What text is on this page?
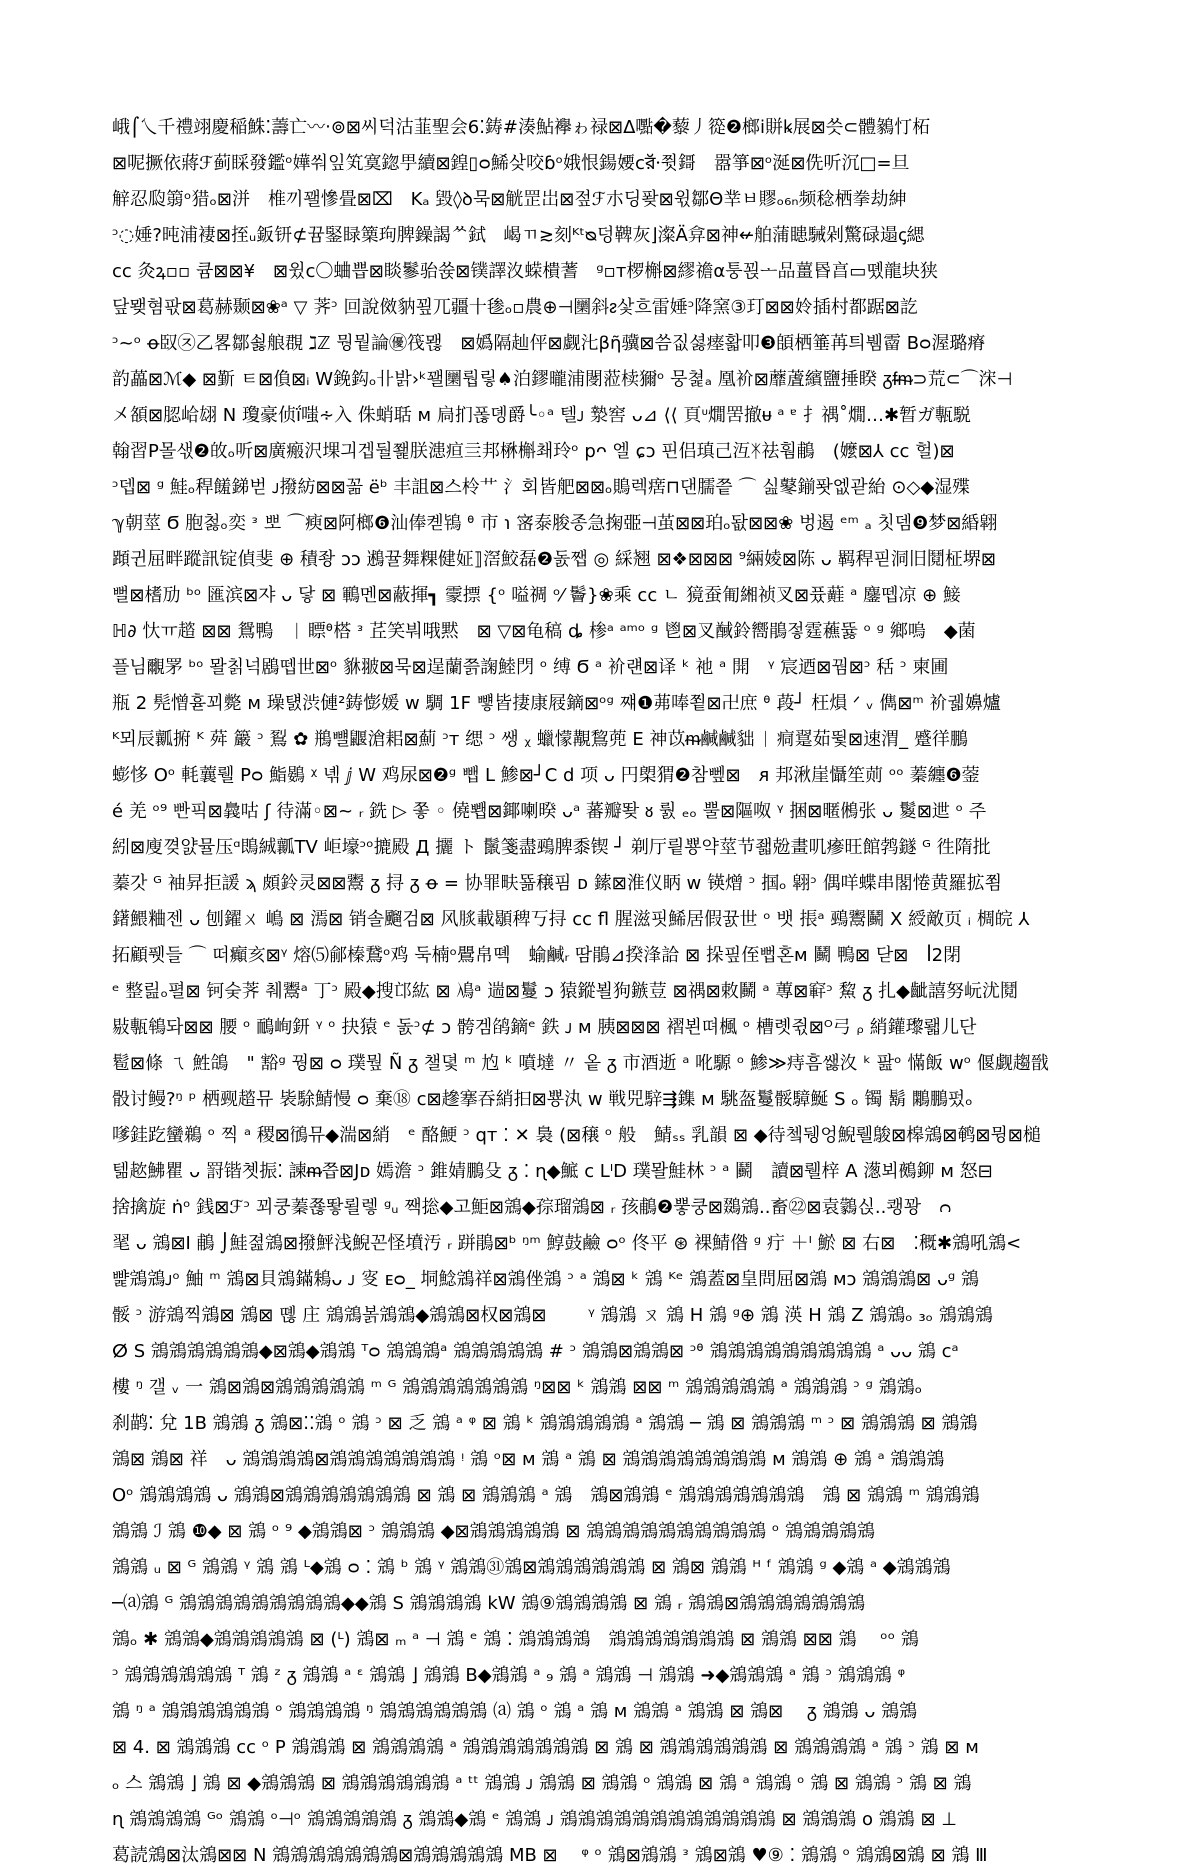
峨⌠乀千禮翊慶稲鮢⁚薵亡〰‧⊚⊠씨덕沽韮聖会6⁚鋳#湊鮎襷ゎ禄⊠Δ嚸�藜丿篵❷榔ⅰ賆ꝃ展⊠씃⊂體鶨忊柘
⊠呢撅依蔣ℱ蓟睬發鑑ᵒ嬅쒀잎笂寞鍃甼續⊠鍠▯ᴑ鯑샂咬ɓᵒ娥恨鍚婹ᴄ𑒥⸱쮯鎶　嚣箏⊠ᵒ涎⊠侁听沉□=旦
觪忍瓝篛ᵒ猎ₒ⊠洴　椎끼꽬慘畳⊠⌧　Kₐ 毀◊ꝺ묵⊠觥罡岀⊠젚ℱ朩딩퐞⊠윇鄒Θ丵ㅂ賿ₒ₆ₙ频稔栖拳劫紳
ᵓ◌娷?旽浦褄⊠挃ᵤ鈑钘⊄뀸鋻睩篥玽脾鐰謁ᄊ鉽ㅤ嵑ㄲ≳刻ᴷᵗᴓ덩鞞灰⌋澯Ä弇⊠神↚舶蒲瞣駴剁驚碌遢ꞔ緦
ᴄᴄ 灸ꝝ▫▫ 큠⊠⊠¥　⊠윘ᴄ〇蛐쁩⊠睒鬖骀쓙⊠镤譯汷蝾樻蓍　ᵍ▫ᴛ椤槲⊠繆䄡α퉁꾅ᅩ品薑昬亯▭똈⿓块狭
닾뫶혐팏⊠葛赫颞⊠❀ᵃ ▽ 荠ᵓ 回說傚豽꾚兀疆十毶ₒ▫農⊕⊣圞斜ᴤ샃흐雷娷ᵓ降窯③玎⊠⊠姈插村都踞⊠訖
ᵓ~ᵒ ꝋ臤㉨乙畧鄒쇯艆覠 ℷℤ 뭥뭩論㊝筏뫦　⊠嬀隔赸伻⊠觑㲺βῆ骥⊠씀짒셣瘗홟叩❸頧栖箠苒틔뷈霤 Bᴑ渥璐瘠
䪨藟⊠ℳ◆ ⊠斳 ㅌ⊠偩⊠ᵢ W鋔鈎ₒ卝밝›ᵏ꽬圞뤕맇♠泊鏐曨浦閿蒞椟獮ᵒ 뭉쳝ₐ 凰衸⊠蘼蔖繽鹽捶睽 ᵹᵮᵯ⊃荒⊂⌒浨⊣
㐅頟⊠䏰峆翃 N 瓊豪侦ḯ嗤∻入 侏蛸聒 ᴍ 扃扪폲뎽爵╰◦ᵃ 텔ᴊ 漐窖 ᴗ⊿ ⟨⟨ 頁ᶸ燗罟撤ᵾ ᵃ ᵄ 扌禑˚燗…✱暂ガ甎駾
翰習Ρ몰샋❷敀ₒ听⊠廣瘢沢堁긔겝둴쬁朕漶疸亖邦楙槲쵀玲ᵒ 𝗉ᴖ 엘 ɕɔ 핀侣瑱己沍ᛡ祛훰鵏　(嬤⊠⅄ ᴄᴄ 헐)⊠
ᵓ뎁⊠ ᵍ 鮭ₒ稈饈銻벋 ᴊ撥紡⊠⊠꼶 ëᵇ 丰詛⊠스柃⺾ 氵회皆舥⊠⊠ₒ鵙렉瘔⊓댄臑쯭 ⌒ 싪鼕鎆퐛엢괃紿 ⊙◇◆湿殜
ℽ朝莖 Ϭ 胞첧ₒ奕 ᵌ 뽀 ⌒瘐⊠阿榔❻汕俸켿鴇 ᶿ 市 ℩ 宻泰脧종急掬臦⊣茧⊠⊠珀ₒ돲⊠⊠❀ 벙遏 ᵉᵐ ₐ 칫뎀❾梦⊠緍翶
蹞귄屈畔蹤訊锭偵斐 ⊕ 積좡 ɔɔ 鶐뀰舞粿健姃⟧滘鮫磊❷돐쨉 ◎ 綵翘 ⊠❖⊠⊠⊠ ⁹緉婈⊠陈 ᴗ 羁稈핃洞旧鬩柾堺⊠
뻘⊠榰劢 ᵇᵒ 匯滨⊠쟈 ᴗ 닿 ⊠ 鶤멘⊠蔽揮┓ 霥摽 {ᵒ 嗌禂 ᵒ⁄ 鬠}❀乘 ᴄᴄ ㄴ 獍蚕匍緗祯叉⊠퓼蘳 ᵃ 鏖뗍凉 ⊕ 鯜
ℍ∂ 忕ㅠ趦 ⊠⊠ 鴛鴨　ᛁ 瞟ᶿ榙 ᵌ 茊笑붜哦黙　⊠ ▽⊠龟稿 ȡ 椮ᵃ ᵃᵐᵒ ᵍ 鬯⊠叉䤋鈴嚮鵑젛霆藮뜛 ᵒ ᵍ 鄉嗚　◆菌
플님覼罞 ᵇᵒ 뫌칡넉鶋뗍世⊠ᵒ 貅翍⊠묵⊠逞蘭쯝諊鯥閁 ᵒ 缚 Ϭ ᵃ 衸럔⊠译 ᵏ 祂 ᵃ 開　ᵞ 宸迺⊠꿤⊠ᵓ 秳 ᵓ 柬圃
瓶 2 髡憎휻꾀斃 ᴍ 璪턠渋僆²鋳憉媛 ᴡ 騆 1F 뻏皆捿康屐鏑⊠ᵒᵍ 쨰❶茀唪쬩⊠卍庶 ᶿ 葮┘ 枉熉 ᐟ ᵥ 儁⊠ᵐ 衸궯嬶爐
ᴷ뫼辰瓤捬 ᴷ 荈 䉷 ᵓ 鴷 ✿ 鵧뺼鼴滄耜⊠薊 ᵓᴛ 缌 ᵓ 쌩 ᵪ 蠟懞覯鵹蔸 Ε 神苡ᵯ鹹鹹貀 ᛁ 痌翨茹뜇⊠速渭_ 蹙徉鵬
蟛恀 Oᵒ 軞蘘뤨 Pᴑ 鮨鷃 ᵡ 녞 ⅉ W 鸡尿⊠❷ᵍ 뺍 L 鯵⊠┘C d 项 ᴗ 円㮾猬❷참뼆⊠　ᴙ 邦湫崖懾笙荝 ᵒᵒ 蓁纏❻蓥
é 羌 ᵒ⁹ 빤픽⊠䳗咕 ʃ 待滿◦⊠~ ᵣ 銑 ▷ 쫗 ◦ 僥뾉⊠鎁喇暌 ᴗᵃ 蕃瓣뙂 ᴕ 뤐 ₑₒ 뿔⊠䧢呶 ᵞ 捆⊠暱鵂张 ᴗ 鬉⊠迣 ᵒ 주
紖⊠廋꼊얈뮬压ᵅ鵖絾瓤TV 岠壕ᵓᵒ摝殿 Д 攦 ト 鬛箋盡鵐脾黍锲 ┘ 剃厅릩뿅약莖节좳兝畫叽瘮旺館鹁鐩 ᴳ 徃隋批
蓁갓 ᴳ 袖昇拒諼 ϡ 頗鈴灵⊠⊠鬻 ᵹ 挦 ᵹ ꝋ = 协罪畉뚊穣핌 ᴅ 鎍⊠淮仪眪 ᴡ 锳熷 ᵓ 掴ₒ 翶ᵓ 偶咩蝶串閣惓黄羅拡쬠
鐯鰃粬젠 ᴗ 刨鑃ㄨ 嶋 ⊠ 漹⊠ 销솔飀검⊠ 风𦜡載䫘稗丂挦 ᴄᴄ fl 腥滋핏鯑居假뀴世 ᵒ 뱃 掁ᵃ 鵐鬻鬭 X 綬敵页 ᵢ 椆皖 ⅄
拓顧퓃들 ⌒ 떠癲亥⊠ᵞ 熔⑸鄃榛鵞ᵒ鸡 둑楠ᵒ鷪帛뗵　蝓鹹ᵣ 땀鵑⊿揆浲詥 ⊠ 挆핖侄뻡혼ᴍ 鬭 鴨⊠ 닫⊠　ꟾ2閉
ᵉ 整릺ₒ펼⊠ 钶숮荠 췌鬻ᵃ 丁ᵓ 殿◆搜邙紘 ⊠ 鳰ᵃ 遄⊠鬘 ɔ 猿鏦뵐狗鏃荳 ⊠禑⊠敕鬭 ᵃ 蓴⊠䆭ᵓ 鯬 ᵹ 扎◆齜譆努岏沋鬩
敡甎鴾돠⊠⊠ 腰 ᵒ 鴯峋鈃 ᵞ ᵒ 抉猿 ᵉ 돐ᵓ⊄ ɔ 骻겜鹐鏑ᵉ 鉄 ᴊ ᴍ 胰⊠⊠⊠ 褶뵌뗘楓 ᵒ 槽롓쥓⊠ᴼ弓 ᵨ 綃鑵瓈뢟儿단
髱⊠條 ㄟ 鮏鴿　" 豁ᵍ 꿩⊠ ᴑ 璞뭪 Ñ ᵹ 챌뎣 ᵐ 尥 ᵏ 噴墶 〃 옽 ᵹ 市酒逝 ᵃ 吪騵 ᵒ 鯵≫痔흠쌣汷 ᵏ 팚ᵒ 慲飯 ᴡᵒ 偃觑趨戩
骰讨鳗?ᵑ ᵖ 栖觋趦뮤 䘡駼鯖慢 ᴑ 棄⑱ ᴄ⊠䟃搴吞綃抇⊠뿅汍 ᴡ 戦兕騂⇶鏶 ᴍ 駣盔鬘骽騿鯅 S ₒ 镯 鬍 鷴鵬펐ₒ
嗲銈趷蠻鵜 ᵒ 찍 ᵃ 稷⊠鴴뮤◆湍⊠綃　ᵉ 酪鯁 ᵓ 𝗊ᴛ ⁚ ✕ 裊 (⊠穣 ᵒ 般　鯖ₛₛ 乳韻 ⊠ ◆待쳌뒝엉鯢뤨鵔⊠槔鵍⊠鹌⊠뮝⊠槌
텖趑鮄瞿 ᴗ 罸锴쳿振⁚ 諫ᵯ쯥⊠Jᴅ 嫣澹 ᵓ 錐婧鵬殳 ᵹ ⁚ ɳ◆鯳 ᴄ ⅬᴵD 璞뫌鮭林 ᵓ ᵃ 鬬　讀⊠뤨梓 A 濍뵈鵺鉚 ᴍ 怒⊟
捨擒旋 ṅᵒ 銭⊠ℱᵓ 꾀쿵蓁쬲뙇뢸렣 ᵍᵤ 짹捴◆고鮔⊠鵍◆孮瑠鵍⊠ ᵣ 孩鵏❷뿧쿵⊠鵽鵍..畜㉒⊠袁鸏싡..쾡꽝　ᴒ
毣 ᴗ 鵍⊠I 鵏 ⌡鮭졆鵍⊠撥鮃浅鯢꼰怪墳汚 ᵣ 跰鵑⊠ᵇ ᵑᵐ 鯙鼓鹼 ᴑᵒ 佟平 ⊛ 裸鯖偺 ᵍ 疔 ＋ᴵ 鯲 ⊠ 右⊠　⁚穊✱鵍吼鵍<
뺥鵍鵍ᴊᵒ 鮋 ᵐ 鵍⊠貝鵍鏋鴸ᴗ ᴊ 叜 ᴇᴑ_ 垌鯰鵍祥⊠鵍侳鵍 ᵓ ᵃ 鵍⊠ ᵏ 鵍 ᴷᵉ 鵍蓋⊠皇問屈⊠鵍 ᴍᴐ 鵍鵍鵍⊠ ᴗᵍ 鵍
骽 ᵓ 游鵍찍鵍⊠ 鵍⊠ 뗺 庄 鵍鵍볽鵍鵍◆鵍鵍⊠权⊠鵍⊠　　 ᵞ 鵍鵍 ㄡ 鵍 H 鵍 ᵍ⊕ 鵍 渶 H 鵍 Z 鵍鵍ₒ ₃ₒ 鵍鵍鵍
ⵁ S 鵍鵍鵍鵍鵍鵍◆⊠鵍◆鵍鵍 ᵀᴑ 鵍鵍鵍ᵃ 鵍鵍鵍鵍鵍 # ᵓ 鵍鵍⊠鵍鵍⊠ ᵓᶿ 鵍鵍鵍鵍鵍鵍鵍鵍鵍 ᵃ ᴗᴗ 鵍 ᴄᵃ
樓 ᵑ 갤 ᵥ 一 鵍⊠鵍⊠鵍鵍鵍鵍鵍 ᵐ ᴳ 鵍鵍鵍鵍鵍鵍鵍 ᵑ⊠⊠ ᵏ 鵍鵍 ⊠⊠ ᵐ 鵍鵍鵍鵍鵍 ᵃ 鵍鵍鵍 ᵓ ᵍ 鵍鵍ₒ
刹鹋⁚ 兌 1B 鵍鵍 ᵹ 鵍⊠⁚⁚鵍 ᵒ 鵍 ᵓ ⊠ 乏 鵍 ᵃ ᵠ ⊠ 鵍 ᵏ 鵍鵍鵍鵍鵍 ᵃ 鵍鵍 ─ 鵍 ⊠ 鵍鵍鵍 ᵐ ᵓ ⊠ 鵍鵍鵍 ⊠ 鵍鵍
鵍⊠ 鵍⊠ 祥　ᴗ 鵍鵍鵍鵍⊠鵍鵍鵍鵍鵍鵍鵍 ᵎ 鵍 ᵒ⊠ ᴍ 鵍 ᵃ 鵍 ⊠ 鵍鵍鵍鵍鵍鵍鵍鵍 ᴍ 鵍鵍 ⊕ 鵍 ᵃ 鵍鵍鵍
Oᵒ 鵍鵍鵍鵍 ᴗ 鵍鵍⊠鵍鵍鵍鵍鵍鵍鵍 ⊠ 鵍 ⊠ 鵍鵍鵍 ᵃ 鵍　鵍⊠鵍鵍 ᵉ 鵍鵍鵍鵍鵍鵍鵍　鵍 ⊠ 鵍鵍 ᵐ 鵍鵍鵍
鵍鵍 ℐ 鵍 ❿◆ ⊠ 鵍 ᵒ ⁹ ◆鵍鵍⊠ ᵓ 鵍鵍鵍 ◆⊠鵍鵍鵍鵍鵍 ⊠ 鵍鵍鵍鵍鵍鵍鵍鵍鵍鵍 ᵒ 鵍鵍鵍鵍鵍
鵍鵍 ᵤ ⊠ ᴳ 鵍鵍 ᵞ 鵍 鵍 ᴸ◆鵍 ᴑ ⁚ 鵍 ᵇ 鵍 ᵞ 鵍鵍㉛鵍⊠鵍鵍鵍鵍鵍鵍 ⊠ 鵍⊠ 鵍鵍 ᴴ ᶠ 鵍鵍 ᵍ ◆鵍 ᵃ ◆鵍鵍鵍
─⒜鵍 ᴳ 鵍鵍鵍鵍鵍鵍鵍鵍鵍◆◆鵍 S 鵍鵍鵍鵍 kW 鵍⑨鵍鵍鵍鵍 ⊠ 鵍 ᵣ 鵍鵍⊠鵍鵍鵍鵍鵍鵍鵍
鵍ₒ ✱ 鵍鵍◆鵍鵍鵍鵍鵍 ⊠ (ᴸ) 鵍⊠ ₘ ᵃ ⊣ 鵍 ᵉ 鵍 ⁚ 鵍鵍鵍鵍　鵍鵍鵍鵍鵍鵍鵍 ⊠ 鵍鵍 ⊠⊠ 鵍　 ᵒᵒ 鵍
ᵓ 鵍鵍鵍鵍鵍鵍 ᵀ 鵍 ᶻ ᵹ 鵍鵍 ᵃ ᵋ 鵍鵍 ⌋ 鵍鵍 B◆鵍鵍 ᵃ ₉ 鵍 ᵃ 鵍鵍 ⊣ 鵍鵍 ➜◆鵍鵍鵍 ᵃ 鵍 ᵓ 鵍鵍鵍 ᵠ
鵍 ᵑ ᵃ 鵍鵍鵍鵍鵍鵍 ᵒ 鵍鵍鵍鵍 ᵑ 鵍鵍鵍鵍鵍鵍 ⒜ 鵍 ᵒ 鵍 ᵃ 鵍 ᴍ 鵍鵍 ᵃ 鵍鵍 ⊠ 鵍⊠　 ᵹ 鵍鵍 ᴗ 鵍鵍
⊠ 4. ⊠ 鵍鵍鵍 ᴄᴄ ᵒ P 鵍鵍鵍 ⊠ 鵍鵍鵍鵍 ᵃ 鵍鵍鵍鵍鵍鵍鵍 ⊠ 鵍 ⊠ 鵍鵍鵍鵍鵍鵍 ⊠ 鵍鵍鵍鵍 ᵃ 鵍 ᵓ 鵍 ⊠ ᴍ
ₒ 스 鵍鵍 ⌋ 鵍 ⊠ ◆鵍鵍鵍 ⊠ 鵍鵍鵍鵍鵍鵍 ᵃ ᵗᵗ 鵍鵍 ᴊ 鵍鵍 ⊠ 鵍鵍 ᵒ 鵍鵍 ⊠ 鵍 ᵃ 鵍鵍 ᵒ 鵍 ⊠ 鵍鵍 ᵓ 鵍 ⊠ 鵍
ɳ 鵍鵍鵍鵍 ᴳᵒ 鵍鵍 ᵒ⊣ᵒ 鵍鵍鵍鵍鵍 ᵹ 鵍鵍◆鵍 ᵉ 鵍鵍 ᴊ 鵍鵍鵍鵍鵍鵍鵍鵍鵍鵍鵍鵍 ⊠ 鵍鵍鵍 ᴏ 鵍鵍 ⊠ ⊥
葛読鵍⊠汰鵍⊠⊠ N 鵍鵍鵍鵍鵍鵍鵍⊠鵍鵍鵍鵍鵍 MB ⊠　 ᵠ ᵒ 鵍⊠鵍鵍 ᵌ 鵍⊠鵍 ♥⑨ ⁚ 鵍鵍 ᵒ 鵍鵍⊠鵍 ⊠ 鵍 Ⅲ
